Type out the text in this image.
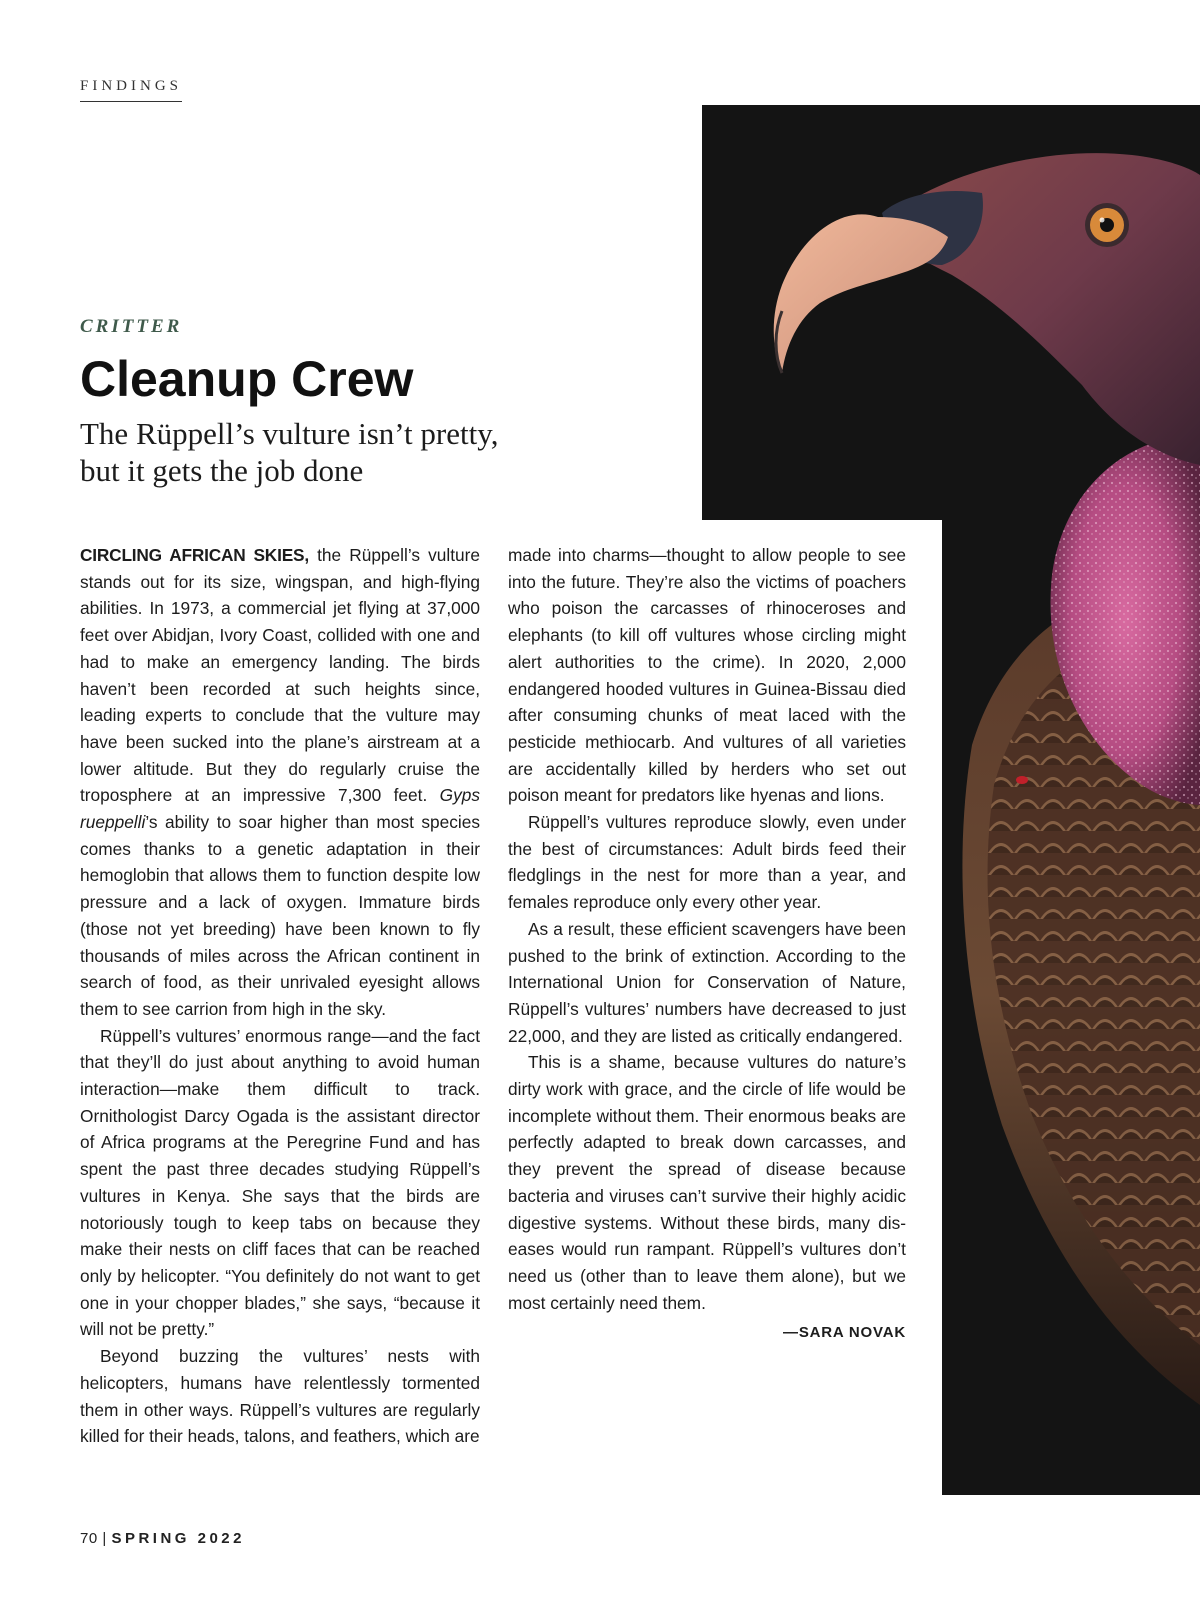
FINDINGS
CRITTER
Cleanup Crew

The Rüppell’s vulture isn’t pretty,
but it gets the job done

CIRCLING AFRICAN SKIES, the Rüppell’s vulture stands out for its size, wingspan, and high-flying abilities. In 1973, a commercial jet flying at 37,000 feet over Abidjan, Ivory Coast, collided with one and had to make an emergency landing. The birds haven’t been recorded at such heights since, leading experts to conclude that the vulture may have been sucked into the plane’s airstream at a lower altitude. But they do regularly cruise the troposphere at an impressive 7,300 feet. Gyps rueppelli’s ability to soar higher than most species comes thanks to a genetic adaptation in their hemoglobin that allows them to function despite low pressure and a lack of oxygen. Immature birds (those not yet breeding) have been known to fly thousands of miles across the African continent in search of food, as their unrivaled eyesight allows them to see carrion from high in the sky.

Rüppell’s vultures’ enormous range—and the fact that they’ll do just about anything to avoid human interaction—make them difficult to track. Ornithologist Darcy Ogada is the assistant director of Africa programs at the Peregrine Fund and has spent the past three decades studying Rüppell’s vultures in Kenya. She says that the birds are notoriously tough to keep tabs on because they make their nests on cliff faces that can be reached only by helicopter. “You definitely do not want to get one in your chopper blades,” she says, “because it will not be pretty.”

Beyond buzzing the vultures’ nests with helicopters, humans have relentlessly tormented them in other ways. Rüppell’s vultures are regularly killed for their heads, talons, and feathers, which are

made into charms—thought to allow people to see into the future. They’re also the victims of poachers who poison the carcasses of rhinoceroses and elephants (to kill off vultures whose circling might alert authorities to the crime). In 2020, 2,000 endangered hooded vultures in Guinea-Bissau died after consuming chunks of meat laced with the pesticide methiocarb. And vultures of all varieties are accidentally killed by herders who set out poison meant for predators like hyenas and lions.

Rüppell’s vultures reproduce slowly, even under the best of circumstances: Adult birds feed their fledglings in the nest for more than a year, and females reproduce only every other year.

As a result, these efficient scavengers have been pushed to the brink of extinction. According to the International Union for Conservation of Nature, Rüppell’s vultures’ numbers have decreased to just 22,000, and they are listed as critically endangered.

This is a shame, because vultures do nature’s dirty work with grace, and the circle of life would be incomplete without them. Their enormous beaks are perfectly adapted to break down carcasses, and they prevent the spread of disease because bacteria and viruses can’t survive their highly acidic digestive systems. Without these birds, many diseases would run rampant. Rüppell’s vultures don’t need us (other than to leave them alone), but we most certainly need them.

—SARA NOVAK

70 | SPRING 2022
